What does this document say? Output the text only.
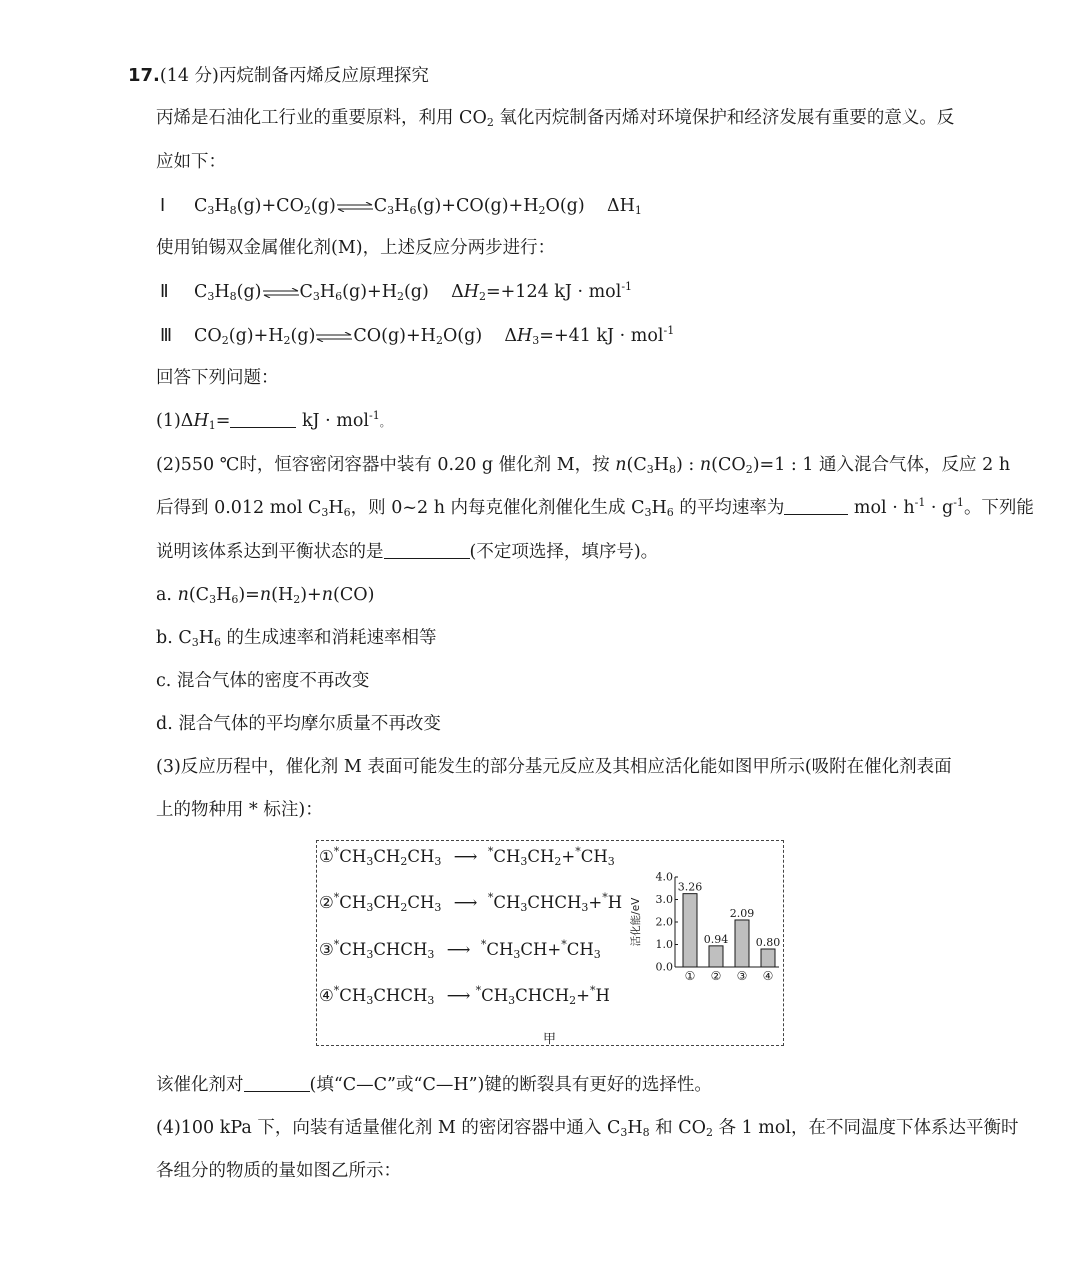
17.(14 分)丙烷制备丙烯反应原理探究
丙烯是石油化工行业的重要原料，利用 $CO_2$ 氧化丙烷制备丙烯对环境保护和经济发展有重要的意义。反
应如下：
Ⅰ $C_3H_8(g)+CO_2(g)\rightleftharpoons C_3H_6(g)+CO(g)+H_2O(g)$    $\Delta H_1$
使用铂锡双金属催化剂(M)，上述反应分两步进行：
Ⅱ $C_3H_8(g)\rightleftharpoons C_3H_6(g)+H_2(g)$    $\Delta H_2=+124$ kJ · mol$^{-1}$
Ⅲ $CO_2(g)+H_2(g)\rightleftharpoons CO(g)+H_2O(g)$    $\Delta H_3=+41$ kJ · mol$^{-1}$
回答下列问题：
$(1)\Delta H_1=$	kJ · mol$^{-1}$。
(2)550 ℃时，恒容密闭容器中装有 0.20 g 催化剂 M，按 $n(C_3H_8)$ : $n(CO_2)=1$ : 1 通入混合气体，反应 2 h
后得到 0.012 mol $C_3H_6$，则 0~2 h 内每克催化剂催化生成 $C_3H_6$ 的平均速率为	mol · $h^{-1} \cdot g^{-1}$。下列能
说明该体系达到平衡状态的是	(不定项选择，填序号)。
a. $n(C_3H_6)=n(H_2)+n(CO)$
b. $C_3H_6$ 的生成速率和消耗速率相等
c. 混合气体的密度不再改变
d. 混合气体的平均摩尔质量不再改变
(3)反应历程中，催化剂 M 表面可能发生的部分基元反应及其相应活化能如图甲所示(吸附在催化剂表面
上的物种用 * 标注)：
$①^*CH_3CH_2CH_3$ ⟶ $^*CH_3CH_2+^*CH_3$
$②^*CH_3CH_2CH_3$ ⟶ $^*CH_3CHCH_3+^*H$
$③^*CH_3CHCH_3$ ⟶ $^*CH_3CH+^*CH_3$
$④^*CH_3CHCH_3$ ⟶ $^*CH_3CHCH_2+^*H$
0.0
1.0
2.0
3.0
4.0
活化能/eV
3.26
①
0.94
②
2.09
③
0.80
④
甲
该催化剂对	(填“C—C”或“C—H”)键的断裂具有更好的选择性。
(4)100 kPa 下，向装有适量催化剂 M 的密闭容器中通入 $C_3H_8$ 和 $CO_2$ 各 1 mol，在不同温度下体系达平衡时
各组分的物质的量如图乙所示：
